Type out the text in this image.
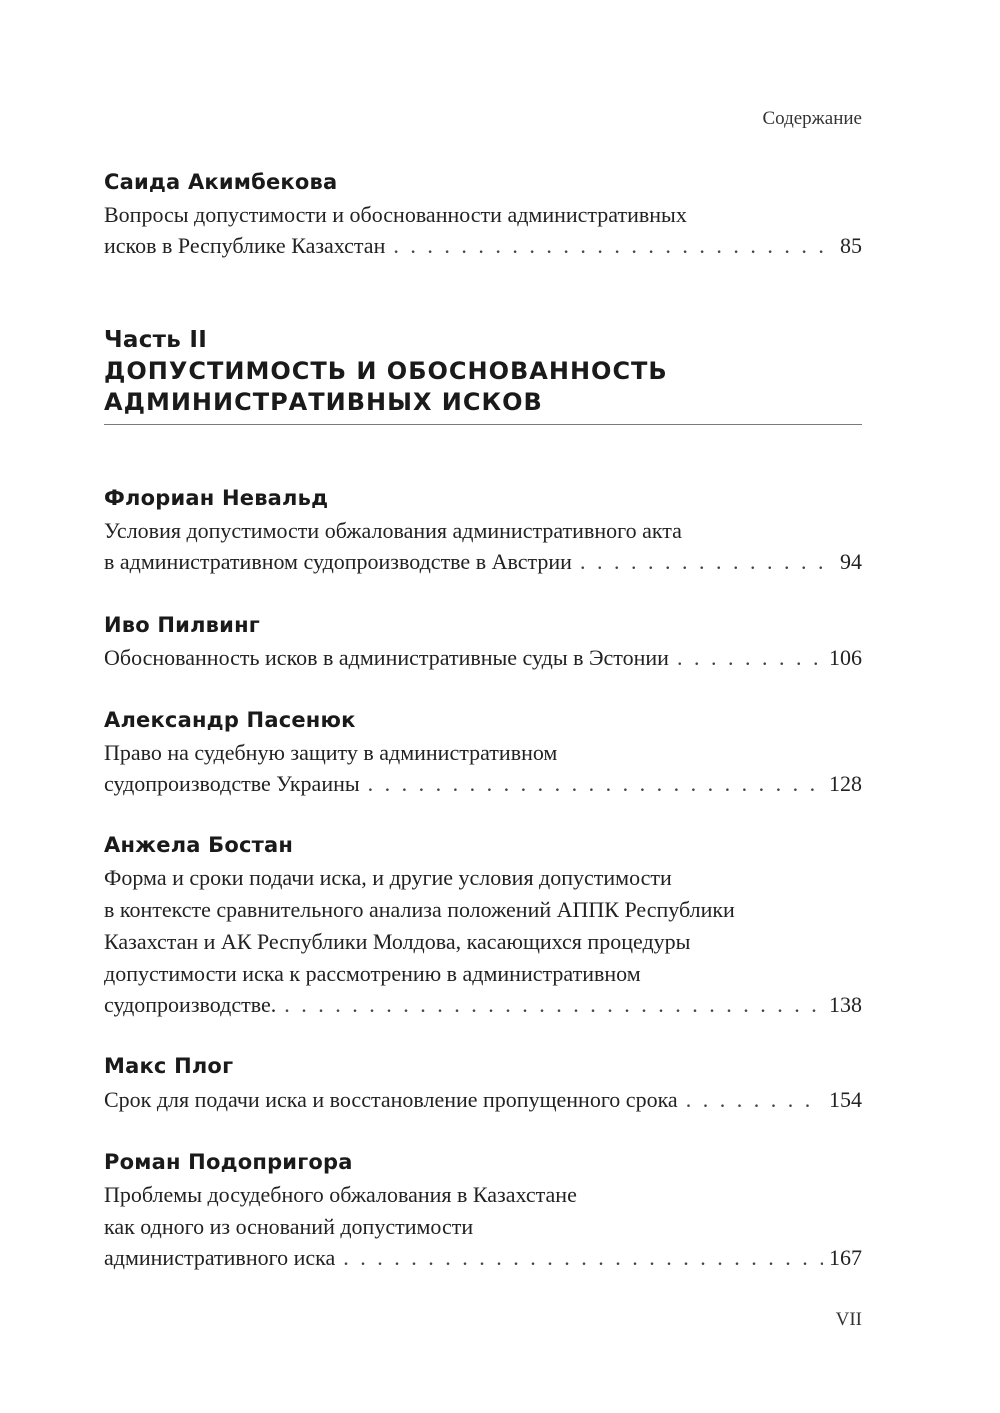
Содержание
Саида Акимбекова
Вопросы допустимости и обоснованности административных
исков в Республике Казахстан . . .	85
Часть II
ДОПУСТИМОСТЬ И ОБОСНОВАННОСТЬ
АДМИНИСТРАТИВНЫХ ИСКОВ
Флориан Невальд
Условия допустимости обжалования административного акта
в административном судопроизводстве в Австрии . . .	94
Иво Пилвинг
Обоснованность исков в административные суды в Эстонии . . .	106
Александр Пасенюк
Право на судебную защиту в административном
судопроизводстве Украины . . .	128
Анжела Бостан
Форма и сроки подачи иска, и другие условия допустимости
в контексте сравнительного анализа положений АППК Республики
Казахстан и АК Республики Молдова, касающихся процедуры
допустимости иска к рассмотрению в административном
судопроизводстве. . . .	138
Макс Плог
Срок для подачи иска и восстановление пропущенного срока . . .	154
Роман Подопригора
Проблемы досудебного обжалования в Казахстане
как одного из оснований допустимости
административного иска . . .	167
VII
